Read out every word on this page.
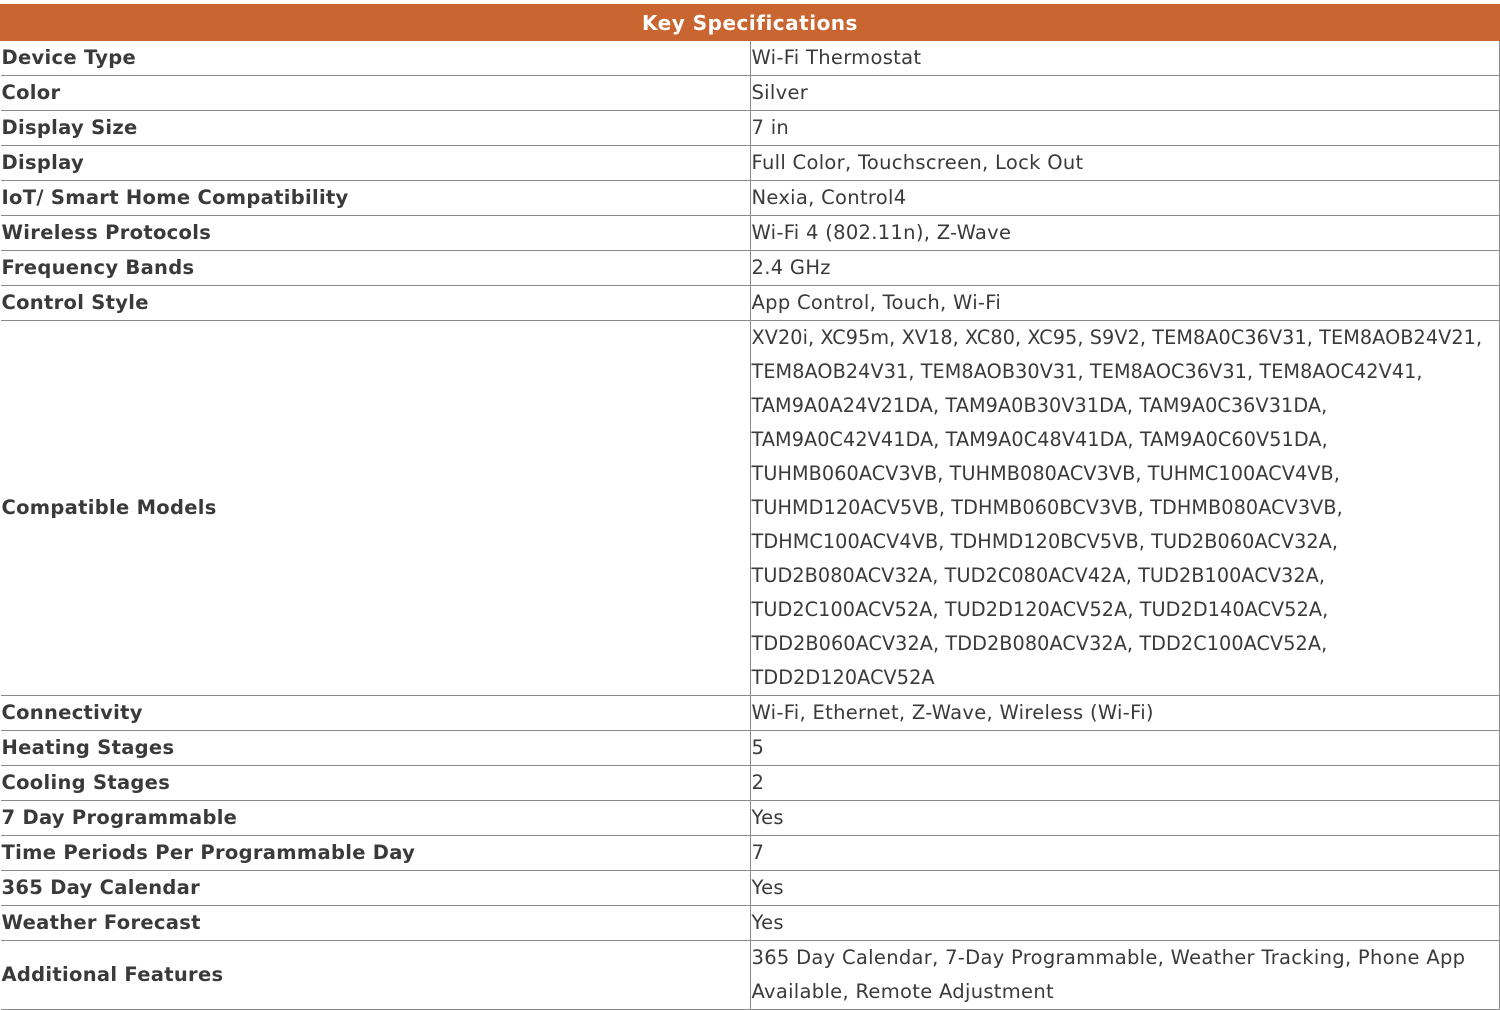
Key Specifications	
Device Type	Wi-Fi Thermostat
Color	Silver
Display Size	7 in
Display	Full Color, Touchscreen, Lock Out
IoT/ Smart Home Compatibility	Nexia, Control4
Wireless Protocols	Wi-Fi 4 (802.11n), Z-Wave
Frequency Bands	2.4 GHz
Control Style	App Control, Touch, Wi-Fi
Compatible Models	XV20i, XC95m, XV18, XC80, XC95, S9V2, TEM8A0C36V31, TEM8AOB24V21, TEM8AOB24V31, TEM8AOB30V31, TEM8AOC36V31, TEM8AOC42V41, TAM9A0A24V21DA, TAM9A0B30V31DA, TAM9A0C36V31DA, TAM9A0C42V41DA, TAM9A0C48V41DA, TAM9A0C60V51DA, TUHMB060ACV3VB, TUHMB080ACV3VB, TUHMC100ACV4VB, TUHMD120ACV5VB, TDHMB060BCV3VB, TDHMB080ACV3VB, TDHMC100ACV4VB, TDHMD120BCV5VB, TUD2B060ACV32A, TUD2B080ACV32A, TUD2C080ACV42A, TUD2B100ACV32A, TUD2C100ACV52A, TUD2D120ACV52A, TUD2D140ACV52A, TDD2B060ACV32A, TDD2B080ACV32A, TDD2C100ACV52A, TDD2D120ACV52A
Connectivity	Wi-Fi, Ethernet, Z-Wave, Wireless (Wi-Fi)
Heating Stages	5
Cooling Stages	2
7 Day Programmable	Yes
Time Periods Per Programmable Day	7
365 Day Calendar	Yes
Weather Forecast	Yes
Additional Features	365 Day Calendar, 7-Day Programmable, Weather Tracking, Phone App Available, Remote Adjustment
